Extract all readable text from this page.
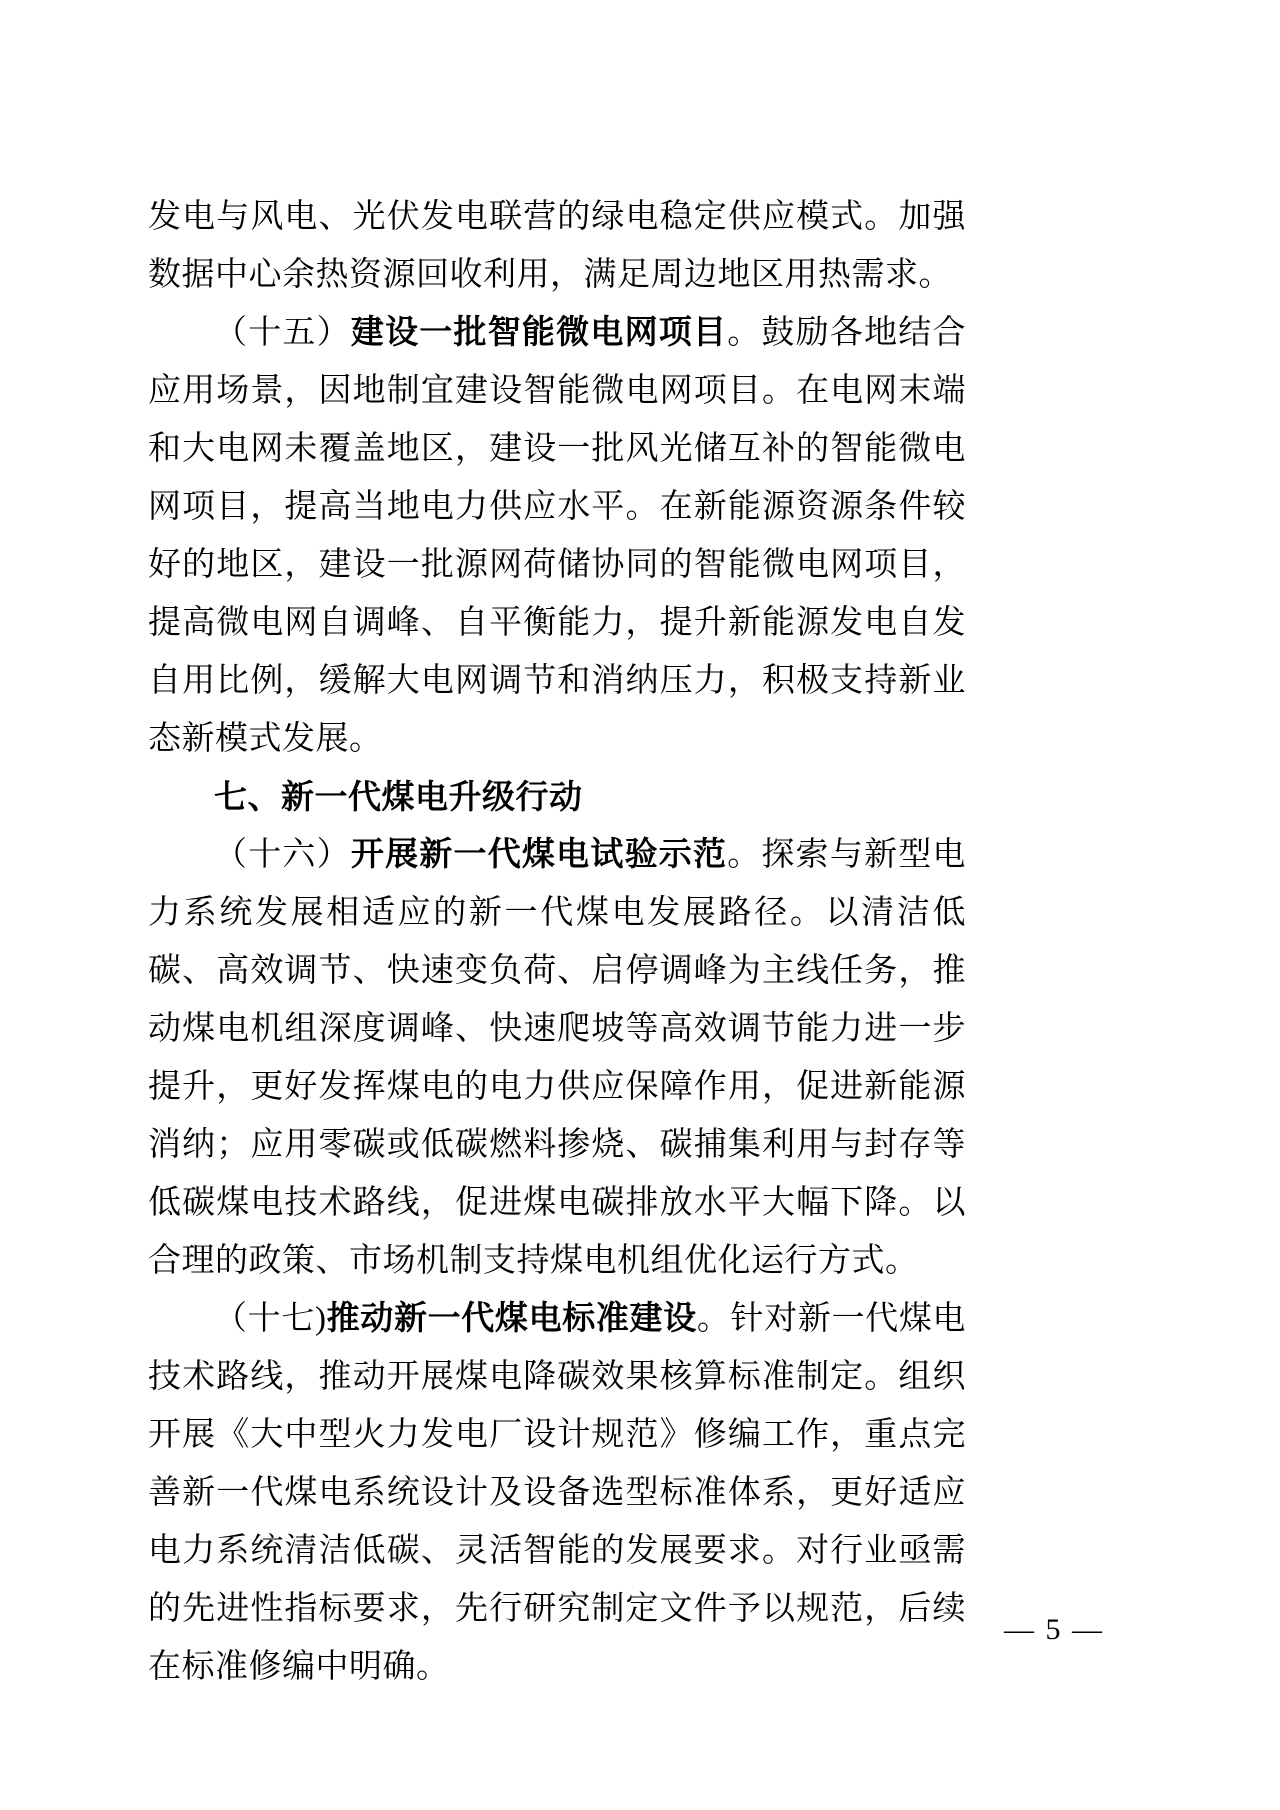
发电与风电、光伏发电联营的绿电稳定供应模式。加强数据中心余热资源回收利用，满足周边地区用热需求。

（十五）建设一批智能微电网项目。鼓励各地结合应用场景，因地制宜建设智能微电网项目。在电网末端和大电网未覆盖地区，建设一批风光储互补的智能微电网项目，提高当地电力供应水平。在新能源资源条件较好的地区，建设一批源网荷储协同的智能微电网项目，提高微电网自调峰、自平衡能力，提升新能源发电自发自用比例，缓解大电网调节和消纳压力，积极支持新业态新模式发展。

七、新一代煤电升级行动

（十六）开展新一代煤电试验示范。探索与新型电力系统发展相适应的新一代煤电发展路径。以清洁低碳、高效调节、快速变负荷、启停调峰为主线任务，推动煤电机组深度调峰、快速爬坡等高效调节能力进一步提升，更好发挥煤电的电力供应保障作用，促进新能源消纳；应用零碳或低碳燃料掺烧、碳捕集利用与封存等低碳煤电技术路线，促进煤电碳排放水平大幅下降。以合理的政策、市场机制支持煤电机组优化运行方式。

（十七)推动新一代煤电标准建设。针对新一代煤电技术路线，推动开展煤电降碳效果核算标准制定。组织开展《大中型火力发电厂设计规范》修编工作，重点完善新一代煤电系统设计及设备选型标准体系，更好适应电力系统清洁低碳、灵活智能的发展要求。对行业亟需的先进性指标要求，先行研究制定文件予以规范，后续在标准修编中明确。

— 5 —
